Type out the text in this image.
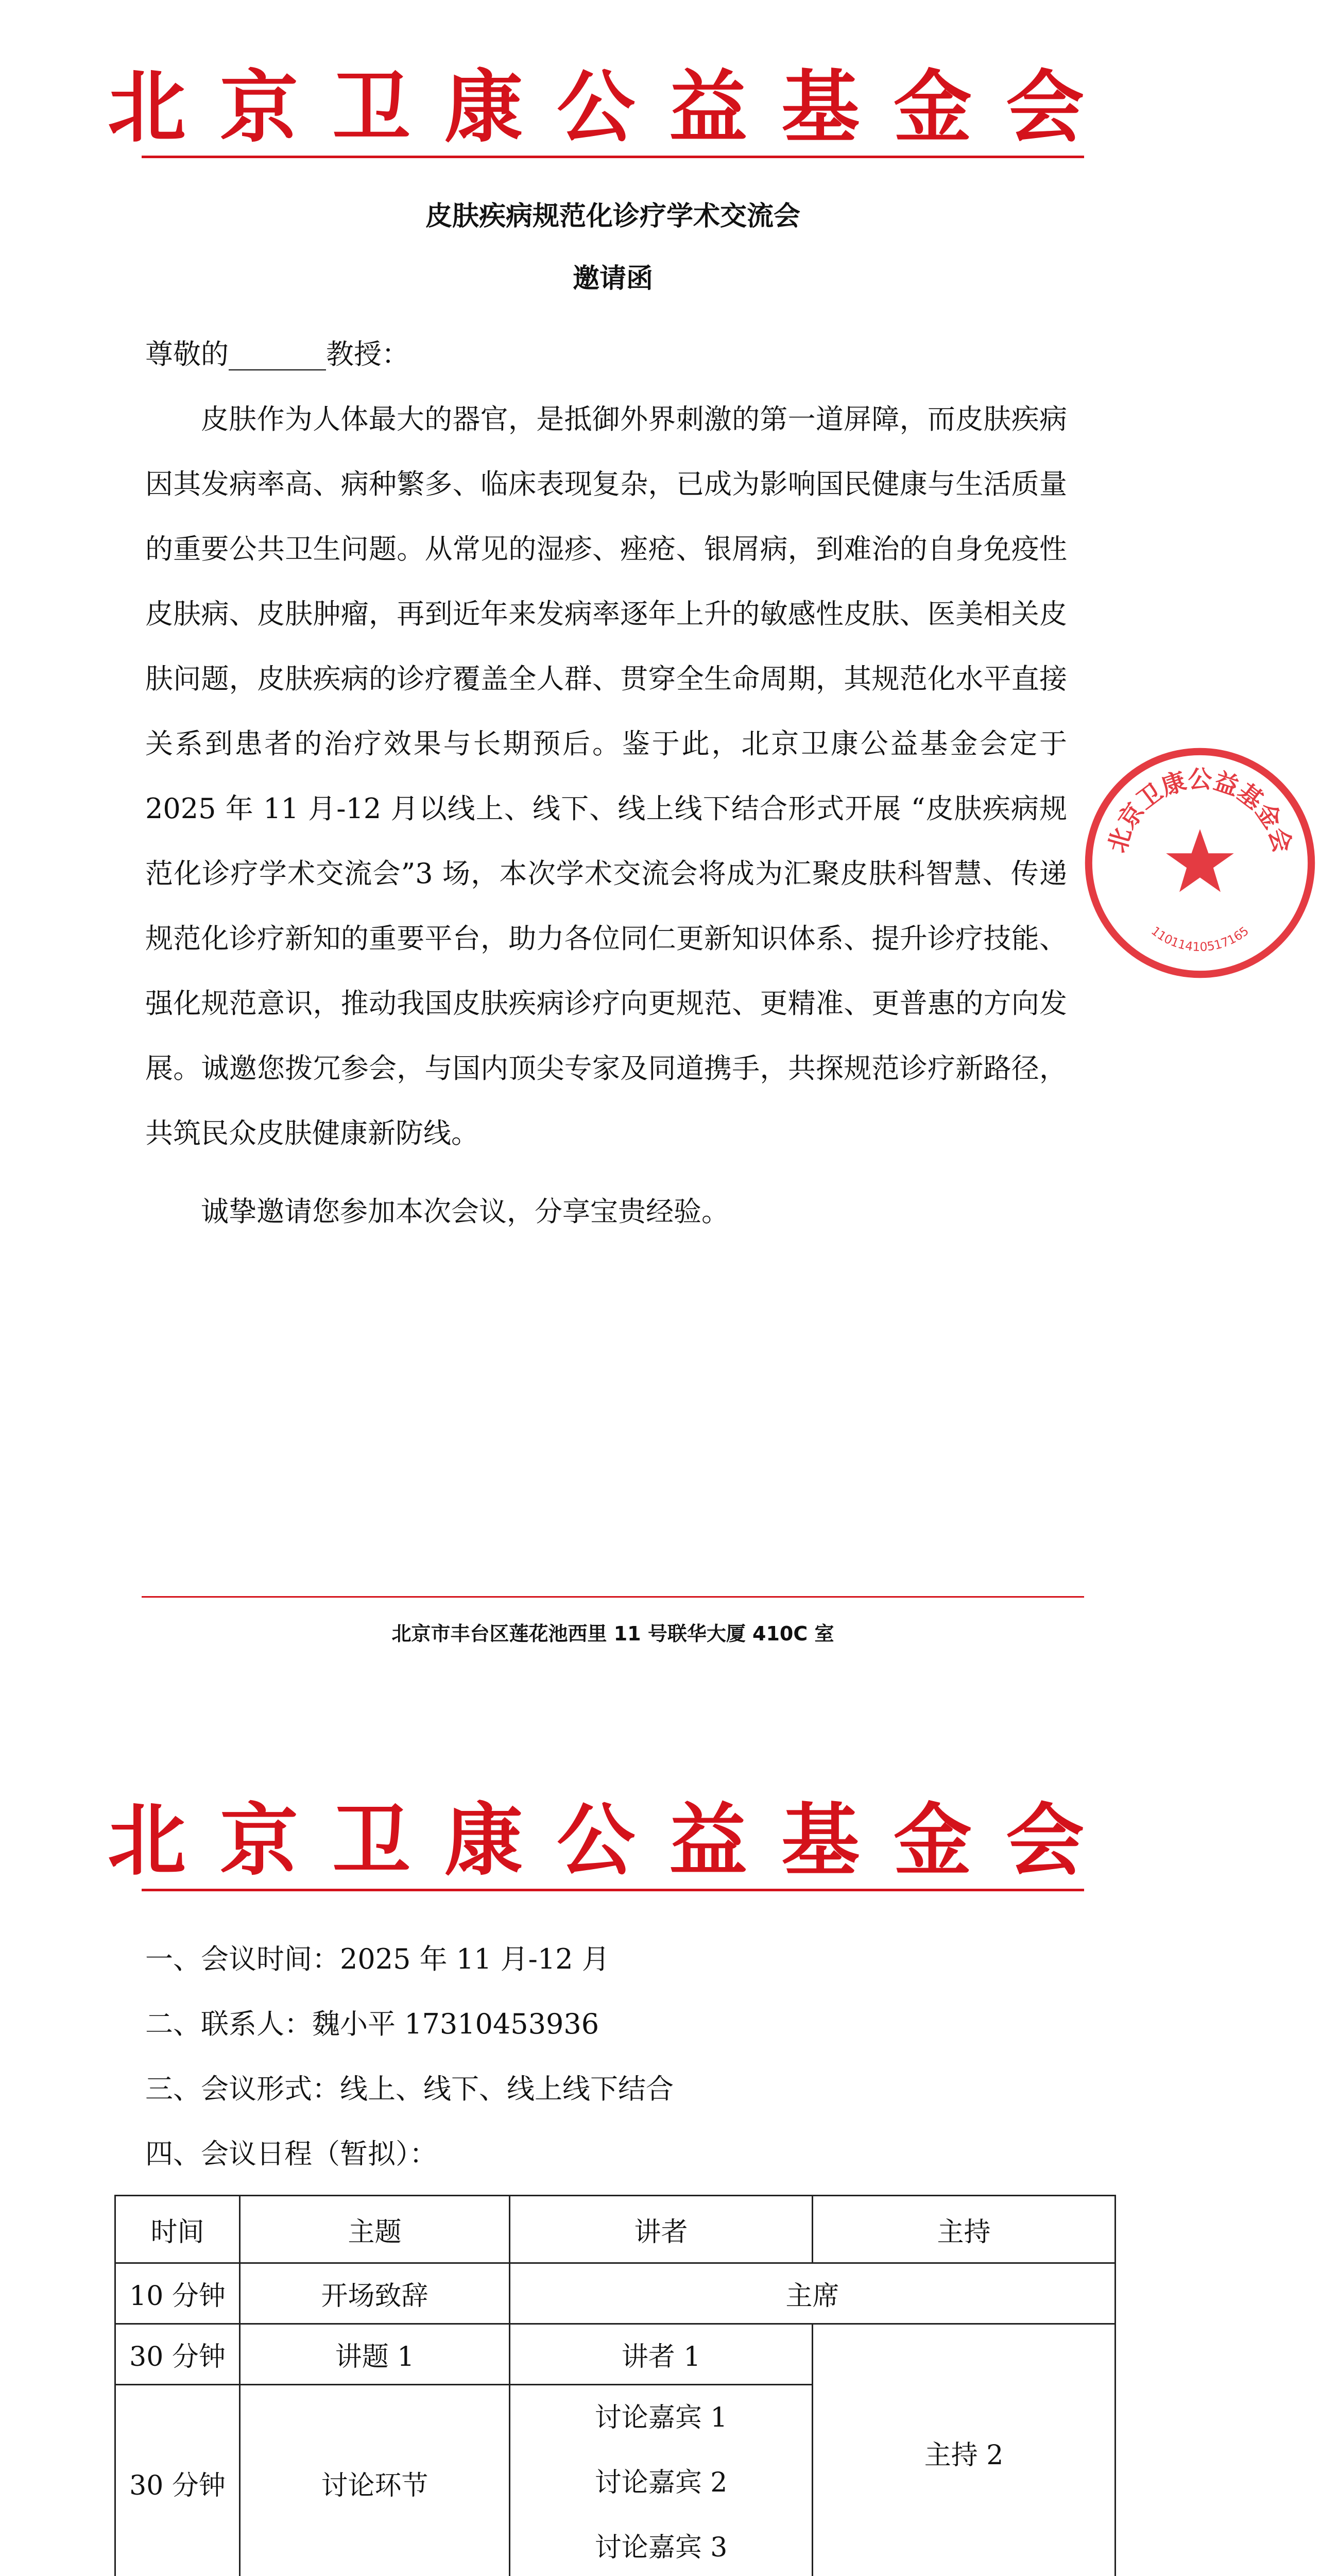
北京卫康公益基金会
皮肤疾病规范化诊疗学术交流会
邀请函

尊敬的_______教授：

皮肤作为人体最大的器官，是抵御外界刺激的第一道屏障，而皮肤疾病因其发病率高、病种繁多、临床表现复杂，已成为影响国民健康与生活质量的重要公共卫生问题。从常见的湿疹、痤疮、银屑病，到难治的自身免疫性皮肤病、皮肤肿瘤，再到近年来发病率逐年上升的敏感性皮肤、医美相关皮肤问题，皮肤疾病的诊疗覆盖全人群、贯穿全生命周期，其规范化水平直接关系到患者的治疗效果与长期预后。鉴于此，北京卫康公益基金会定于 2025 年 11 月-12 月以线上、线下、线上线下结合形式开展 “皮肤疾病规范化诊疗学术交流会”3 场，本次学术交流会将成为汇聚皮肤科智慧、传递规范化诊疗新知的重要平台，助力各位同仁更新知识体系、提升诊疗技能、强化规范意识，推动我国皮肤疾病诊疗向更规范、更精准、更普惠的方向发展。诚邀您拨冗参会，与国内顶尖专家及同道携手，共探规范诊疗新路径，共筑民众皮肤健康新防线。

诚挚邀请您参加本次会议，分享宝贵经验。

北京卫康公益基金会
11011410517165
北京市丰台区莲花池西里 11 号联华大厦 410C 室
北京卫康公益基金会
一、会议时间：2025 年 11 月-12 月
二、联系人：魏小平 17310453936
三、会议形式：线上、线下、线上线下结合
四、会议日程（暂拟）：
时间	主题	讲者	主持
10 分钟	开场致辞	主席	
30 分钟	讲题 1	讲者 1	主持 2
30 分钟	讨论环节	讨论嘉宾 1
讨论嘉宾 2
讨论嘉宾 3	
